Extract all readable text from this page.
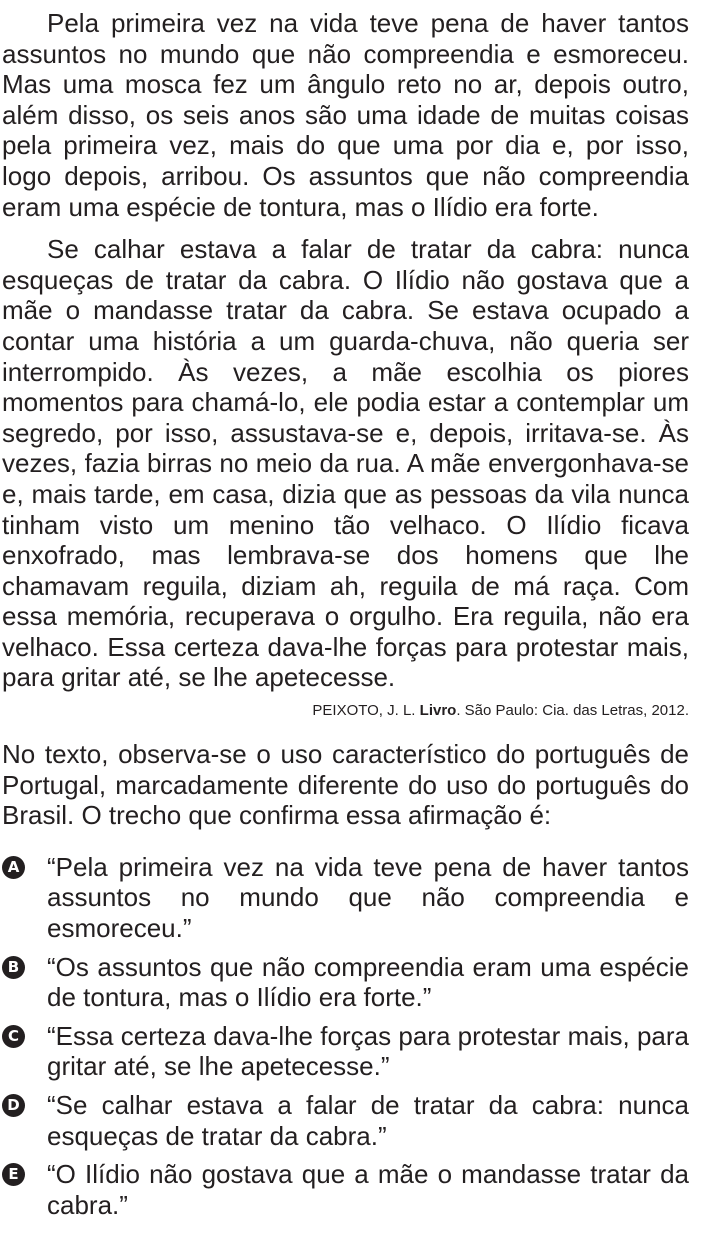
Pela primeira vez na vida teve pena de haver tantos assuntos no mundo que não compreendia e esmoreceu. Mas uma mosca fez um ângulo reto no ar, depois outro, além disso, os seis anos são uma idade de muitas coisas pela primeira vez, mais do que uma por dia e, por isso, logo depois, arribou. Os assuntos que não compreendia eram uma espécie de tontura, mas o Ilídio era forte.

Se calhar estava a falar de tratar da cabra: nunca esqueças de tratar da cabra. O Ilídio não gostava que a mãe o mandasse tratar da cabra. Se estava ocupado a contar uma história a um guarda-chuva, não queria ser interrompido. Às vezes, a mãe escolhia os piores momentos para chamá-lo, ele podia estar a contemplar um segredo, por isso, assustava-se e, depois, irritava-se. Às vezes, fazia birras no meio da rua. A mãe envergonhava-se e, mais tarde, em casa, dizia que as pessoas da vila nunca tinham visto um menino tão velhaco. O Ilídio ficava enxofrado, mas lembrava-se dos homens que lhe chamavam reguila, diziam ah, reguila de má raça. Com essa memória, recuperava o orgulho. Era reguila, não era velhaco. Essa certeza dava-lhe forças para protestar mais, para gritar até, se lhe apetecesse.

PEIXOTO, J. L. Livro. São Paulo: Cia. das Letras, 2012.

No texto, observa-se o uso característico do português de Portugal, marcadamente diferente do uso do português do Brasil. O trecho que confirma essa afirmação é:

A “Pela primeira vez na vida teve pena de haver tantos assuntos no mundo que não compreendia e esmoreceu.”
B “Os assuntos que não compreendia eram uma espécie de tontura, mas o Ilídio era forte.”
C “Essa certeza dava-lhe forças para protestar mais, para gritar até, se lhe apetecesse.”
D “Se calhar estava a falar de tratar da cabra: nunca esqueças de tratar da cabra.”
E “O Ilídio não gostava que a mãe o mandasse tratar da cabra.”
